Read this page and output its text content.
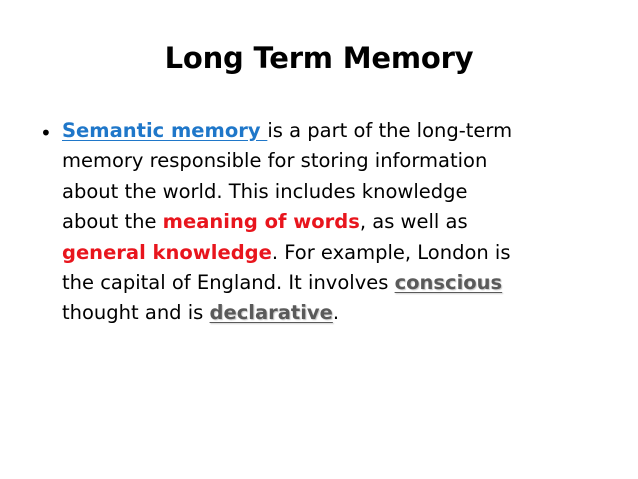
Long Term Memory
• Semantic memory is a part of the long-term
memory responsible for storing information
about the world. This includes knowledge
about the meaning of words, as well as
general knowledge. For example, London is
the capital of England. It involves conscious
thought and is declarative.
